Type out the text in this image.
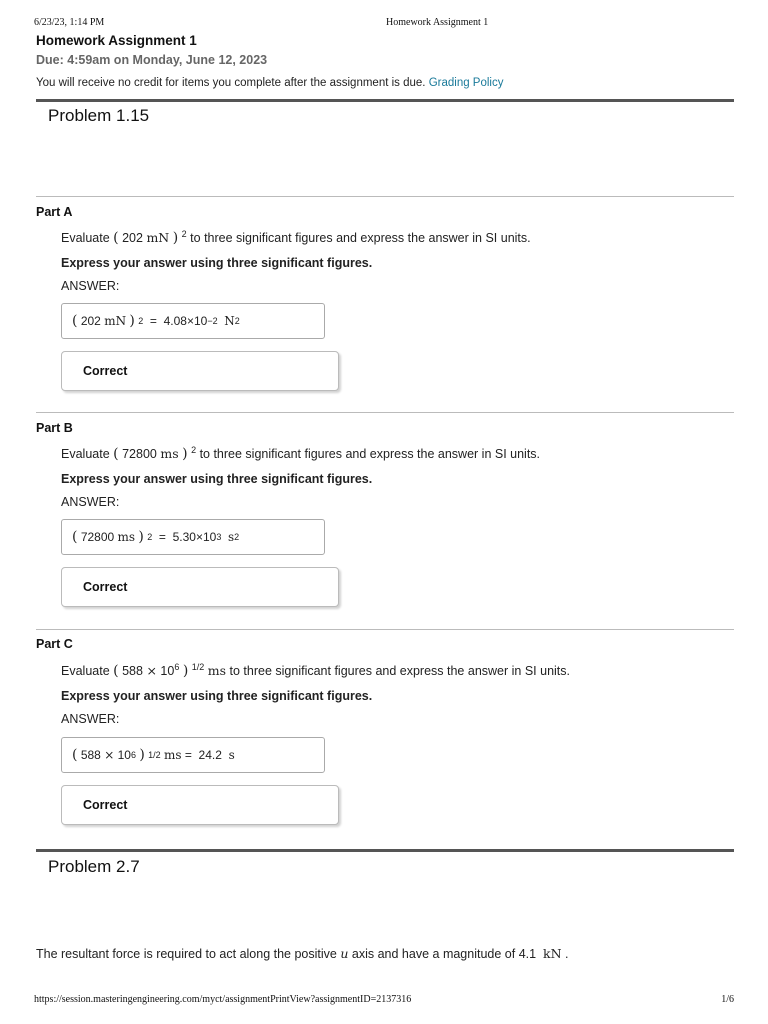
6/23/23, 1:14 PM	Homework Assignment 1
Homework Assignment 1
Due: 4:59am on Monday, June 12, 2023
You will receive no credit for items you complete after the assignment is due. Grading Policy
Problem 1.15
Part A
Evaluate ( 202 mN ) $^2$ to three significant figures and express the answer in SI units.
Express your answer using three significant figures.
ANSWER:
(
202
mN
)
2 = 4.08×10 −2
N 2
Correct
Part B
Evaluate ( 72800 ms ) $^2$ to three significant figures and express the answer in SI units.
Express your answer using three significant figures.
ANSWER:
(
72800
ms
)
2 = 5.30×10 3
s 2
Correct
Part C
Evaluate ( $588 \times 10^6$ ) $^{1/2}$ ms to three significant figures and express the answer in SI units.
Express your answer using three significant figures.
ANSWER:
(
588
×
10 6
)
1/2
ms = 24.2
s
Correct
Problem 2.7
The resultant force is required to act along the positive u axis and have a magnitude of 4.1 kN .
https://session.masteringengineering.com/myct/assignmentPrintView?assignmentID=2137316	1/6
